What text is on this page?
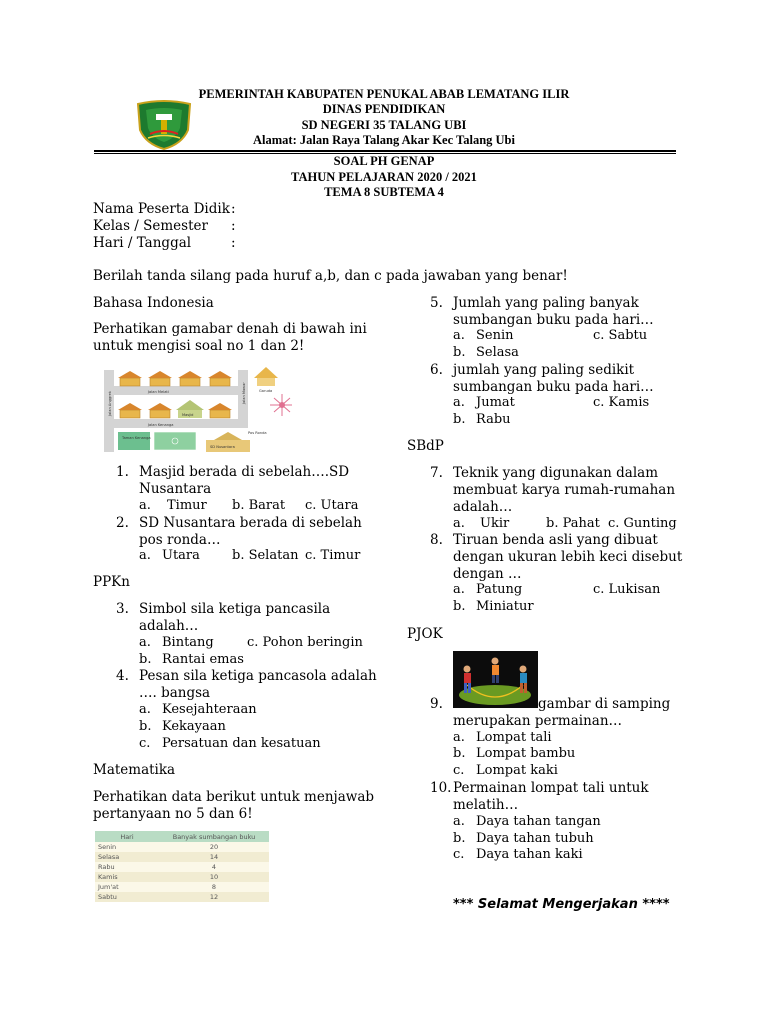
PEMERINTAH KABUPATEN PENUKAL ABAB LEMATANG ILIR
DINAS PENDIDIKAN
SD NEGERI 35 TALANG UBI
Alamat: Jalan Raya Talang Akar Kec Talang Ubi
SOAL PH GENAP
TAHUN PELAJARAN 2020 / 2021
TEMA 8 SUBTEMA 4
Nama Peserta Didik:
Kelas / Semester :
Hari / Tanggal	:
Berilah tanda silang pada huruf a,b, dan c pada jawaban yang benar!
Bahasa Indonesia
Perhatikan gamabar denah di bawah ini
untuk mengisi soal no 1 dan 2!
Jalan Melati
Jalan Kenanga
Masjid
Garuda
Pos Ronda
Taman Kenanga
SD Nusantara
Jalan Anggrek	Jalan Mawar
1. Masjid berada di sebelah….SD
Nusantara
a. Timur b. Barat c. Utara
2. SD Nusantara berada di sebelah
pos ronda…
a. Utara b. Selatan c. Timur
PPKn
3. Simbol sila ketiga pancasila
adalah…
a. Bintang	c. Pohon beringin
b. Rantai emas
4. Pesan sila ketiga pancasola adalah
…. bangsa
a. Kesejahteraan
b. Kekayaan
c. Persatuan dan kesatuan
Matematika
Perhatikan data berikut untuk menjawab
pertanyaan no 5 dan 6!
Hari	Banyak sumbangan buku
Senin	20
Selasa	14
Rabu	4
Kamis	10
Jum'at	8
Sabtu	12
5. Jumlah yang paling banyak
sumbangan buku pada hari…
a. Senin	c. Sabtu
b. Selasa
6. jumlah yang paling sedikit
sumbangan buku pada hari…
a. Jumat	c. Kamis
b. Rabu
SBdP
7. Teknik yang digunakan dalam
membuat karya rumah-rumahan
adalah…
a. Ukir	b. Pahat c. Gunting
8. Tiruan benda asli yang dibuat
dengan ukuran lebih keci disebut
dengan …
a. Patung	c. Lukisan
b. Miniatur
PJOK
9.	gambar di samping
merupakan permainan…
a. Lompat tali
b. Lompat bambu
c. Lompat kaki
10. Permainan lompat tali untuk
melatih…
a. Daya tahan tangan
b. Daya tahan tubuh
c. Daya tahan kaki
*** Selamat Mengerjakan ****
